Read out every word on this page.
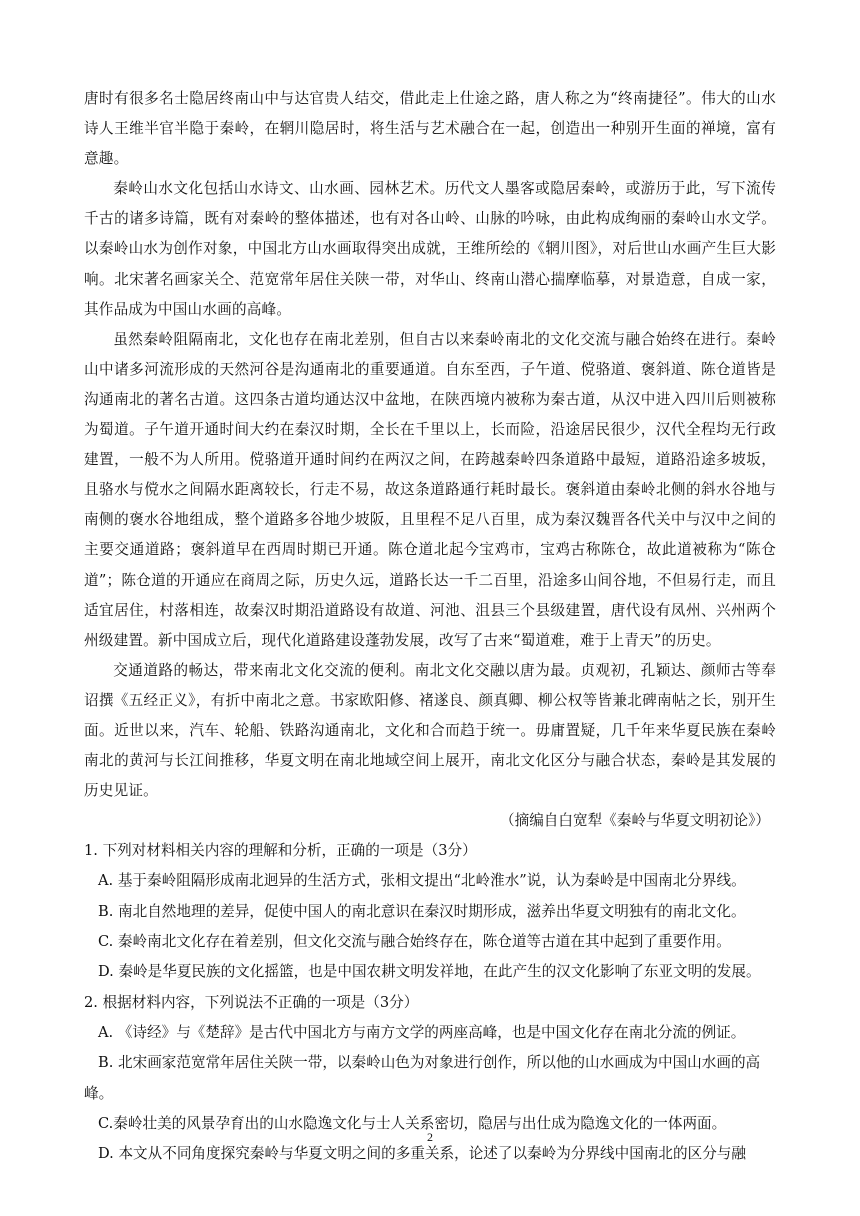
唐时有很多名士隐居终南山中与达官贵人结交，借此走上仕途之路，唐人称之为“终南捷径”。伟大的山水诗人王维半官半隐于秦岭，在辋川隐居时，将生活与艺术融合在一起，创造出一种别开生面的禅境，富有意趣。

秦岭山水文化包括山水诗文、山水画、园林艺术。历代文人墨客或隐居秦岭，或游历于此，写下流传千古的诸多诗篇，既有对秦岭的整体描述，也有对各山岭、山脉的吟咏，由此构成绚丽的秦岭山水文学。以秦岭山水为创作对象，中国北方山水画取得突出成就，王维所绘的《辋川图》，对后世山水画产生巨大影响。北宋著名画家关仝、范宽常年居住关陕一带，对华山、终南山潜心揣摩临摹，对景造意，自成一家，其作品成为中国山水画的高峰。

虽然秦岭阻隔南北，文化也存在南北差别，但自古以来秦岭南北的文化交流与融合始终在进行。秦岭山中诸多河流形成的天然河谷是沟通南北的重要通道。自东至西，子午道、傥骆道、褒斜道、陈仓道皆是沟通南北的著名古道。这四条古道均通达汉中盆地，在陕西境内被称为秦古道，从汉中进入四川后则被称为蜀道。子午道开通时间大约在秦汉时期，全长在千里以上，长而险，沿途居民很少，汉代全程均无行政建置，一般不为人所用。傥骆道开通时间约在两汉之间，在跨越秦岭四条道路中最短，道路沿途多坡坂，且骆水与傥水之间隔水距离较长，行走不易，故这条道路通行耗时最长。褒斜道由秦岭北侧的斜水谷地与南侧的褒水谷地组成，整个道路多谷地少坡阪，且里程不足八百里，成为秦汉魏晋各代关中与汉中之间的主要交通道路；褒斜道早在西周时期已开通。陈仓道北起今宝鸡市，宝鸡古称陈仓，故此道被称为“陈仓道”；陈仓道的开通应在商周之际，历史久远，道路长达一千二百里，沿途多山间谷地，不但易行走，而且适宜居住，村落相连，故秦汉时期沿道路设有故道、河池、沮县三个县级建置，唐代设有凤州、兴州两个州级建置。新中国成立后，现代化道路建设蓬勃发展，改写了古来“蜀道难，难于上青天”的历史。

交通道路的畅达，带来南北文化交流的便利。南北文化交融以唐为最。贞观初，孔颖达、颜师古等奉诏撰《五经正义》，有折中南北之意。书家欧阳修、褚遂良、颜真卿、柳公权等皆兼北碑南帖之长，别开生面。近世以来，汽车、轮船、铁路沟通南北，文化和合而趋于统一。毋庸置疑，几千年来华夏民族在秦岭南北的黄河与长江间推移，华夏文明在南北地域空间上展开，南北文化区分与融合状态，秦岭是其发展的历史见证。

（摘编自白宽犁《秦岭与华夏文明初论》）

1. 下列对材料相关内容的理解和分析，正确的一项是（3分）

A. 基于秦岭阻隔形成南北迥异的生活方式，张相文提出“北岭淮水”说，认为秦岭是中国南北分界线。

B. 南北自然地理的差异，促使中国人的南北意识在秦汉时期形成，滋养出华夏文明独有的南北文化。

C. 秦岭南北文化存在着差别，但文化交流与融合始终存在，陈仓道等古道在其中起到了重要作用。

D. 秦岭是华夏民族的文化摇篮，也是中国农耕文明发祥地，在此产生的汉文化影响了东亚文明的发展。

2. 根据材料内容，下列说法不正确的一项是（3分）

A. 《诗经》与《楚辞》是古代中国北方与南方文学的两座高峰，也是中国文化存在南北分流的例证。

B. 北宋画家范宽常年居住关陕一带，以秦岭山色为对象进行创作，所以他的山水画成为中国山水画的高峰。

C.秦岭壮美的风景孕育出的山水隐逸文化与士人关系密切，隐居与出仕成为隐逸文化的一体两面。

D. 本文从不同角度探究秦岭与华夏文明之间的多重关系，论述了以秦岭为分界线中国南北的区分与融

2
